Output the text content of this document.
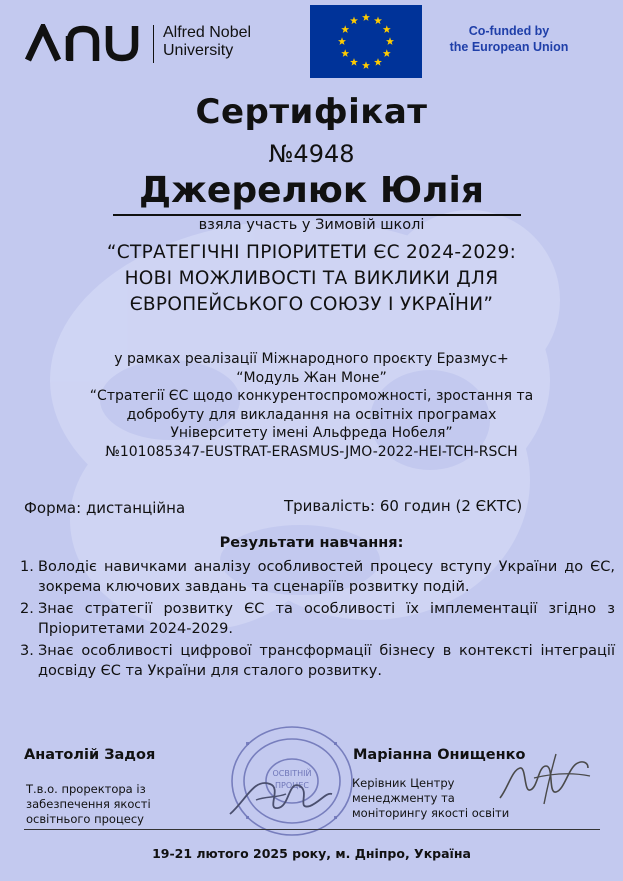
Alfred Nobel
University
Co-funded by
the European Union
Сертифікат
№4948
Джерелюк Юлія
взяла участь у Зимовій школі
“СТРАТЕГІЧНІ ПРІОРИТЕТИ ЄС 2024-2029:
НОВІ МОЖЛИВОСТІ ТА ВИКЛИКИ ДЛЯ
ЄВРОПЕЙСЬКОГО СОЮЗУ І УКРАЇНИ”
у рамках реалізації Міжнародного проєкту Еразмус+
“Модуль Жан Моне”
“Стратегії ЄС щодо конкурентоспроможності, зростання та
добробуту для викладання на освітніх програмах
Університету імені Альфреда Нобеля”
№101085347-EUSTRAT-ERASMUS-JMO-2022-HEI-TCH-RSCH
Форма: дистанційна	Тривалість: 60 годин (2 ЄКТС)
Результати навчання:
1. Володіє навичками аналізу особливостей процесу вступу України до ЄС, зокрема ключових завдань та сценаріїв розвитку подій.
2. Знає стратегії розвитку ЄС та особливості їх імплементації згідно з Пріоритетами 2024-2029.
3. Знає особливості цифрової трансформації бізнесу в контексті інтеграції досвіду ЄС та України для сталого розвитку.
Анатолій Задоя
Т.в.о. проректора із
забезпечення якості
освітнього процесу
ОСВІТНІЙ
ПРОЦЕС
Маріанна Онищенко
Керівник Центру
менеджменту та
моніторингу якості освіти
19-21 лютого 2025 року, м. Дніпро, Україна
